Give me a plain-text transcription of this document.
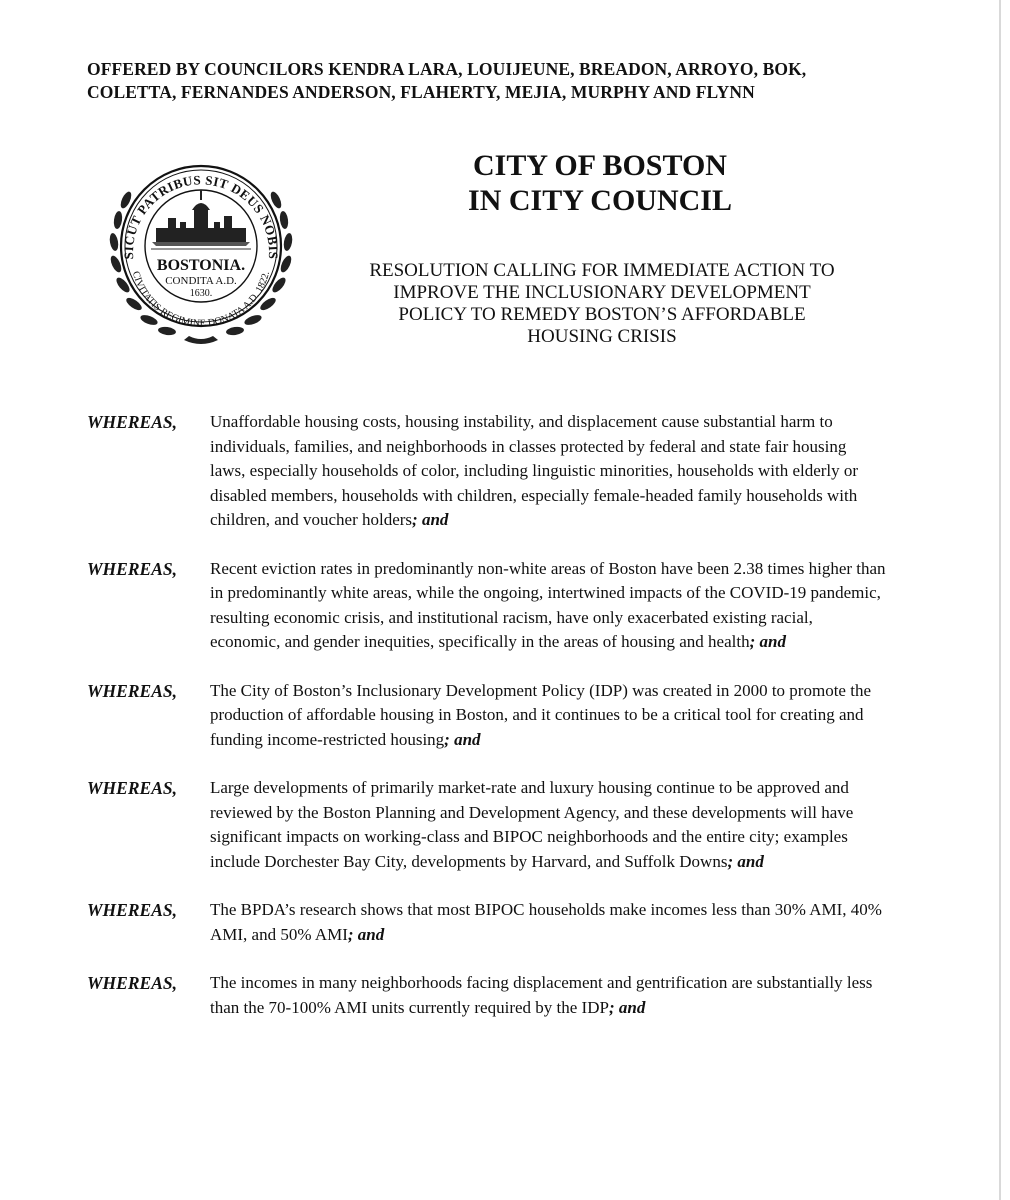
OFFERED BY COUNCILORS KENDRA LARA, LOUIJEUNE, BREADON, ARROYO, BOK, COLETTA, FERNANDES ANDERSON, FLAHERTY, MEJIA, MURPHY AND FLYNN

SICUT PATRIBUS SIT DEUS NOBIS
CIVITATIS REGIMINE DONATA A.D. 1822.
BOSTONIA.
CONDITA A.D.
1630.
CITY OF BOSTON
IN CITY COUNCIL
RESOLUTION CALLING FOR IMMEDIATE ACTION TO
IMPROVE THE INCLUSIONARY DEVELOPMENT
POLICY TO REMEDY BOSTON’S AFFORDABLE
HOUSING CRISIS
WHEREAS,	Unaffordable housing costs, housing instability, and displacement cause substantial harm to individuals, families, and neighborhoods in classes protected by federal and state fair housing laws, especially households of color, including linguistic minorities, households with elderly or disabled members, households with children, especially female-headed family households with children, and voucher holders; and
WHEREAS,	Recent eviction rates in predominantly non-white areas of Boston have been 2.38 times higher than in predominantly white areas, while the ongoing, intertwined impacts of the COVID-19 pandemic, resulting economic crisis, and institutional racism, have only exacerbated existing racial, economic, and gender inequities, specifically in the areas of housing and health; and
WHEREAS,	The City of Boston’s Inclusionary Development Policy (IDP) was created in 2000 to promote the production of affordable housing in Boston, and it continues to be a critical tool for creating and funding income-restricted housing; and
WHEREAS,	Large developments of primarily market-rate and luxury housing continue to be approved and reviewed by the Boston Planning and Development Agency, and these developments will have significant impacts on working-class and BIPOC neighborhoods and the entire city; examples include Dorchester Bay City, developments by Harvard, and Suffolk Downs; and
WHEREAS,	The BPDA’s research shows that most BIPOC households make incomes less than 30% AMI, 40% AMI, and 50% AMI; and
WHEREAS,	The incomes in many neighborhoods facing displacement and gentrification are substantially less than the 70-100% AMI units currently required by the IDP; and
